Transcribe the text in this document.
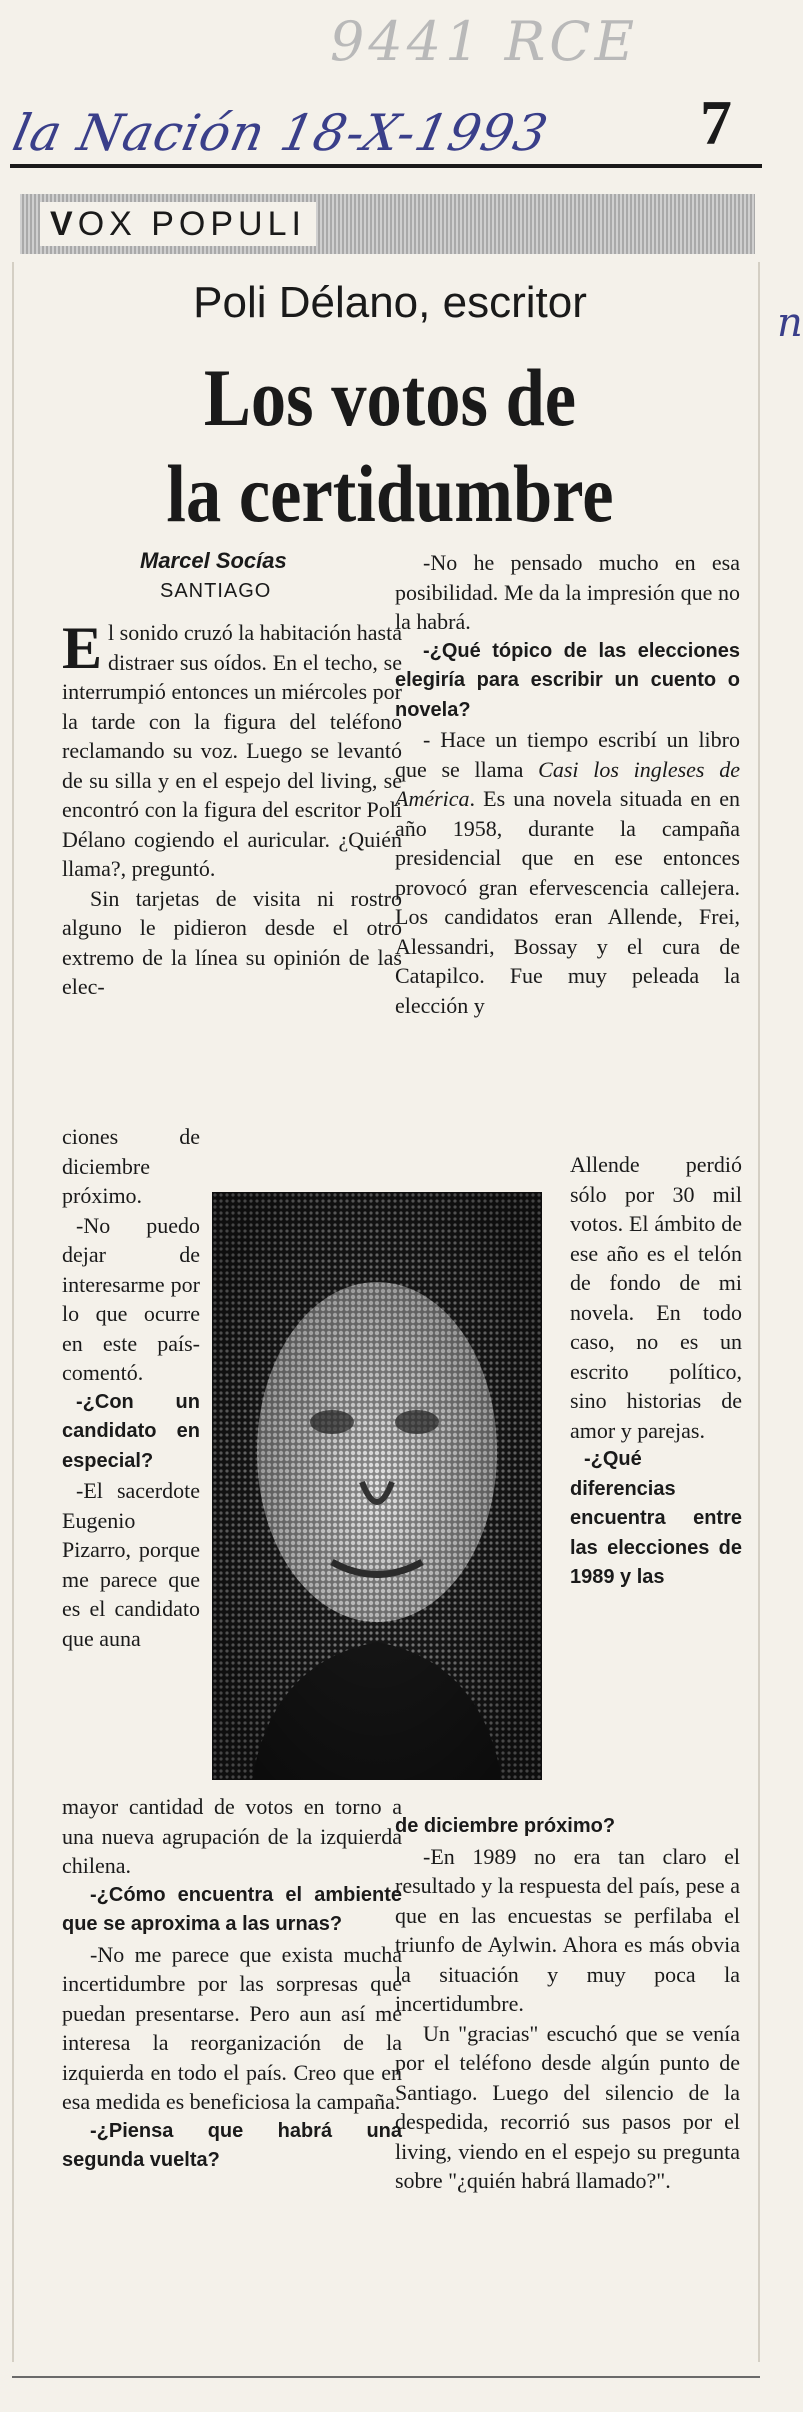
9441 RCE
la Nación 18-X-1993
n
7
VOX POPULI
Poli Délano, escritor
Los votos de
la certidumbre
Marcel Socías
SANTIAGO

El sonido cruzó la habitación hasta distraer sus oídos. En el techo, se interrumpió entonces un miércoles por la tarde con la figura del teléfono reclamando su voz. Luego se levantó de su silla y en el espejo del living, se encontró con la figura del escritor Poli Délano cogiendo el auricular. ¿Quién llama?, preguntó.

Sin tarjetas de visita ni rostro alguno le pidieron desde el otro extremo de la línea su opinión de las elec-

ciones de diciembre próximo.

-No puedo dejar de interesarme por lo que ocurre en este país- comentó.

-¿Con un candidato en especial?

-El sacerdote Eugenio Pizarro, porque me parece que es el candidato que auna

mayor cantidad de votos en torno a una nueva agrupación de la izquierda chilena.

-¿Cómo encuentra el ambiente que se aproxima a las urnas?

-No me parece que exista mucha incertidumbre por las sorpresas que puedan presentarse. Pero aun así me interesa la reorganización de la izquierda en todo el país. Creo que en esa medida es beneficiosa la campaña.

-¿Piensa que habrá una segunda vuelta?

-No he pensado mucho en esa posibilidad. Me da la impresión que no la habrá.

-¿Qué tópico de las elecciones elegiría para escribir un cuento o novela?

- Hace un tiempo escribí un libro que se llama Casi los ingleses de América. Es una novela situada en en año 1958, durante la campaña presidencial que en ese entonces provocó gran efervescencia callejera. Los candidatos eran Allende, Frei, Alessandri, Bossay y el cura de Catapilco. Fue muy peleada la elección y

Allende perdió sólo por 30 mil votos. El ámbito de ese año es el telón de fondo de mi novela. En todo caso, no es un escrito político, sino historias de amor y parejas.

-¿Qué diferencias encuentra entre las elecciones de 1989 y las

de diciembre próximo?

-En 1989 no era tan claro el resultado y la respuesta del país, pese a que en las encuestas se perfilaba el triunfo de Aylwin. Ahora es más obvia la situación y muy poca la incertidumbre.

Un "gracias" escuchó que se venía por el teléfono desde algún punto de Santiago. Luego del silencio de la despedida, recorrió sus pasos por el living, viendo en el espejo su pregunta sobre "¿quién habrá llamado?".
